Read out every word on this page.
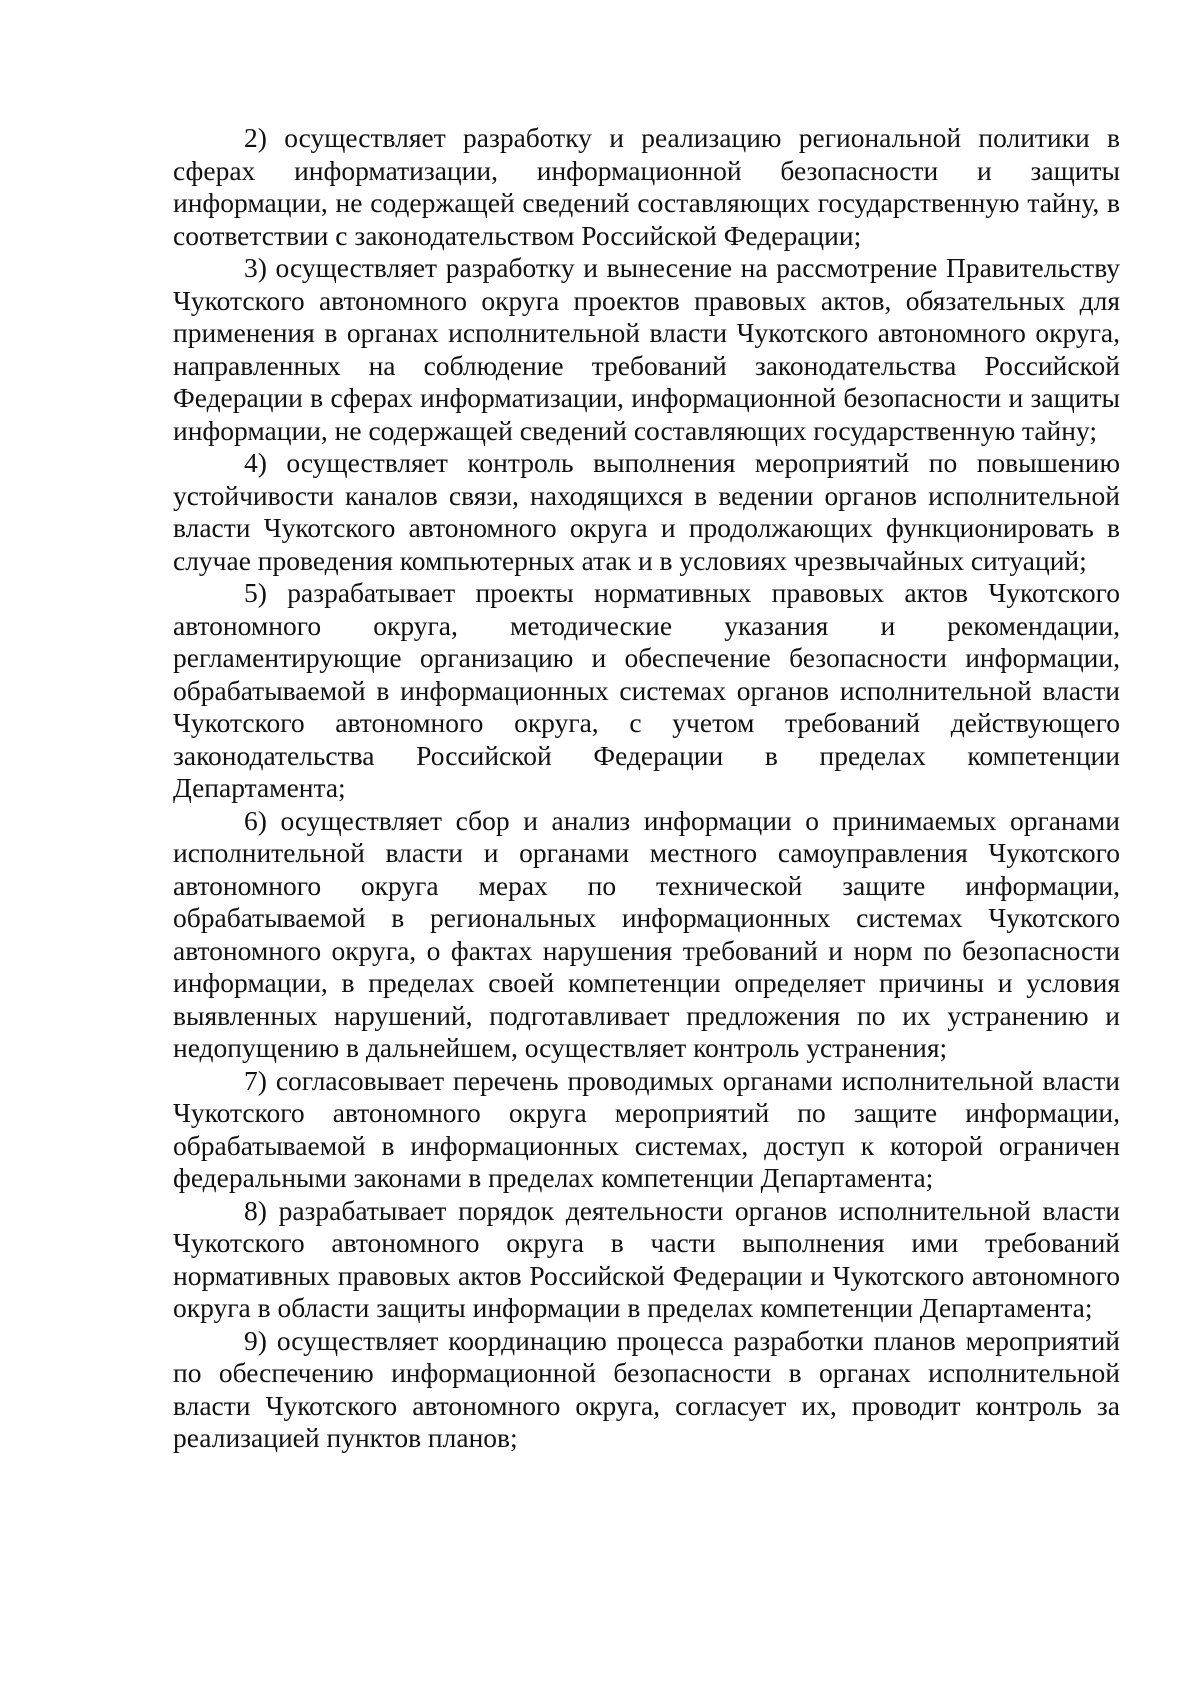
2) осуществляет разработку и реализацию региональной политики в сферах информатизации, информационной безопасности и защиты информации, не содержащей сведений составляющих государственную тайну, в соответствии с законодательством Российской Федерации;

3) осуществляет разработку и вынесение на рассмотрение Правительству Чукотского автономного округа проектов правовых актов, обязательных для применения в органах исполнительной власти Чукотского автономного округа, направленных на соблюдение требований законодательства Российской Федерации в сферах информатизации, информационной безопасности и защиты информации, не содержащей сведений составляющих государственную тайну;

4) осуществляет контроль выполнения мероприятий по повышению устойчивости каналов связи, находящихся в ведении органов исполнительной власти Чукотского автономного округа и продолжающих функционировать в случае проведения компьютерных атак и в условиях чрезвычайных ситуаций;

5) разрабатывает проекты нормативных правовых актов Чукотского автономного округа, методические указания и рекомендации, регламентирующие организацию и обеспечение безопасности информации, обрабатываемой в информационных системах органов исполнительной власти Чукотского автономного округа, с учетом требований действующего законодательства Российской Федерации в пределах компетенции Департамента;

6) осуществляет сбор и анализ информации о принимаемых органами исполнительной власти и органами местного самоуправления Чукотского автономного округа мерах по технической защите информации, обрабатываемой в региональных информационных системах Чукотского автономного округа, о фактах нарушения требований и норм по безопасности информации, в пределах своей компетенции определяет причины и условия выявленных нарушений, подготавливает предложения по их устранению и недопущению в дальнейшем, осуществляет контроль устранения;

7) согласовывает перечень проводимых органами исполнительной власти Чукотского автономного округа мероприятий по защите информации, обрабатываемой в информационных системах, доступ к которой ограничен федеральными законами в пределах компетенции Департамента;

8) разрабатывает порядок деятельности органов исполнительной власти Чукотского автономного округа в части выполнения ими требований нормативных правовых актов Российской Федерации и Чукотского автономного округа в области защиты информации в пределах компетенции Департамента;

9) осуществляет координацию процесса разработки планов мероприятий по обеспечению информационной безопасности в органах исполнительной власти Чукотского автономного округа, согласует их, проводит контроль за реализацией пунктов планов;
